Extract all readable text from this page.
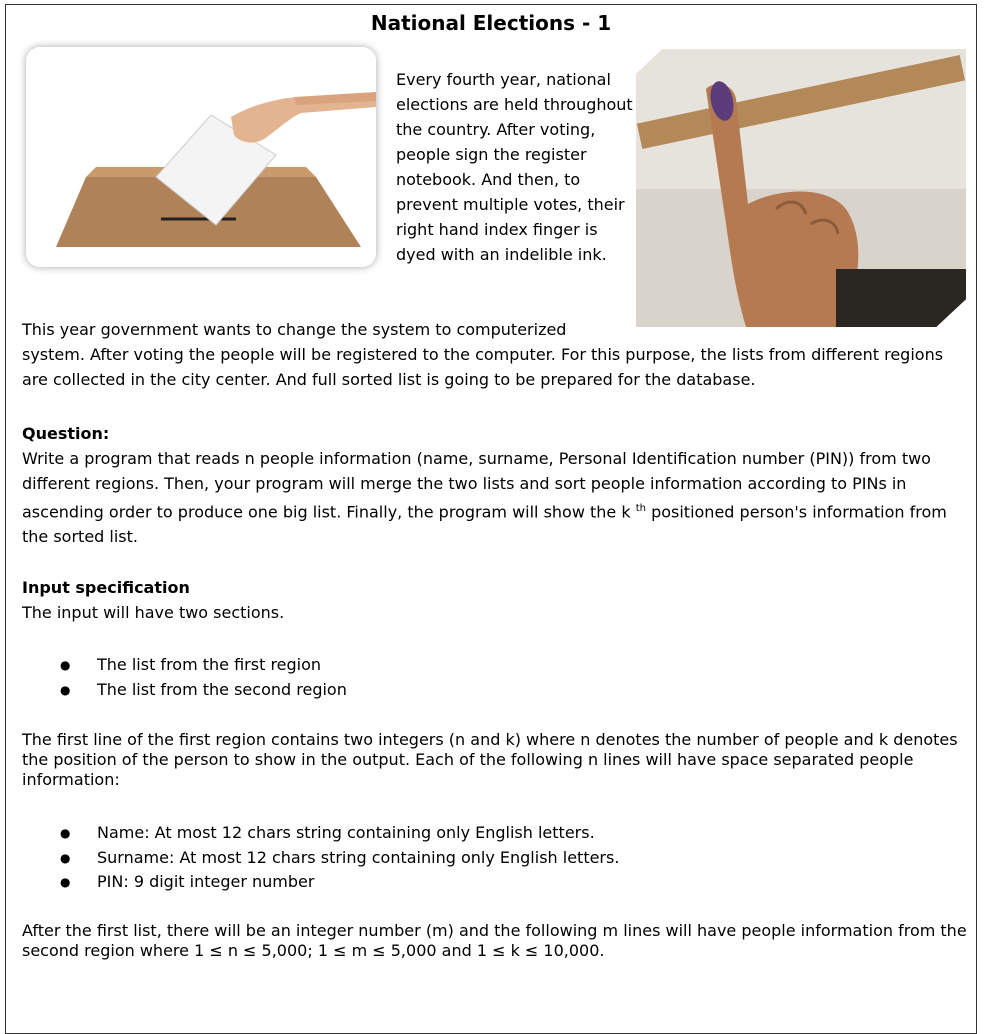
National Elections - 1
Every fourth year, national elections are held throughout the country. After voting, people sign the register notebook. And then, to prevent multiple votes, their right hand index finger is dyed with an indelible ink.
This year government wants to change the system to computerized
system. After voting the people will be registered to the computer. For this purpose, the lists from different regions are collected in the city center. And full sorted list is going to be prepared for the database.
Question:
Write a program that reads n people information (name, surname, Personal Identification number (PIN)) from two different regions. Then, your program will merge the two lists and sort people information according to PINs in ascending order to produce one big list. Finally, the program will show the k $^{th}$ positioned person's information from the sorted list.
Input specification
The input will have two sections.
● The list from the first region
● The list from the second region
The first line of the first region contains two integers (n and k) where n denotes the number of people and k denotes the position of the person to show in the output. Each of the following n lines will have space separated people information:
● Name: At most 12 chars string containing only English letters.
● Surname: At most 12 chars string containing only English letters.
● PIN: 9 digit integer number
After the first list, there will be an integer number (m) and the following m lines will have people information from the second region where 1 ≤ n ≤ 5,000; 1 ≤ m ≤ 5,000 and 1 ≤ k ≤ 10,000.
